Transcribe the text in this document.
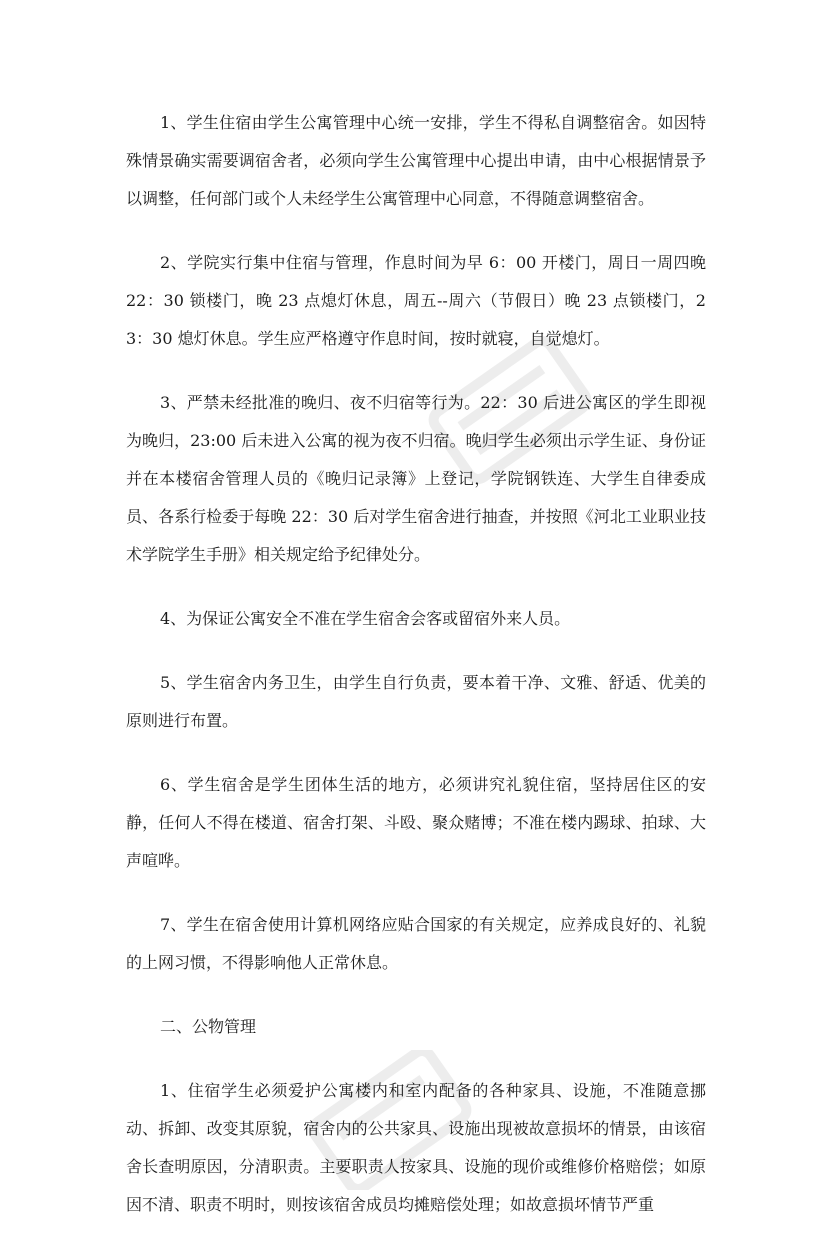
1、学生住宿由学生公寓管理中心统一安排，学生不得私自调整宿舍。如因特殊情景确实需要调宿舍者，必须向学生公寓管理中心提出申请，由中心根据情景予以调整，任何部门或个人未经学生公寓管理中心同意，不得随意调整宿舍。

2、学院实行集中住宿与管理，作息时间为早 6：00 开楼门，周日一周四晚 22：30 锁楼门，晚 23 点熄灯休息，周五--周六（节假日）晚 23 点锁楼门，23：30 熄灯休息。学生应严格遵守作息时间，按时就寝，自觉熄灯。

3、严禁未经批准的晚归、夜不归宿等行为。22：30 后进公寓区的学生即视为晚归，23:00 后未进入公寓的视为夜不归宿。晚归学生必须出示学生证、身份证并在本楼宿舍管理人员的《晚归记录簿》上登记，学院钢铁连、大学生自律委成员、各系行检委于每晚 22：30 后对学生宿舍进行抽查，并按照《河北工业职业技术学院学生手册》相关规定给予纪律处分。

4、为保证公寓安全不准在学生宿舍会客或留宿外来人员。

5、学生宿舍内务卫生，由学生自行负责，要本着干净、文雅、舒适、优美的原则进行布置。

6、学生宿舍是学生团体生活的地方，必须讲究礼貌住宿，坚持居住区的安静，任何人不得在楼道、宿舍打架、斗殴、聚众赌博；不准在楼内踢球、拍球、大声喧哗。

7、学生在宿舍使用计算机网络应贴合国家的有关规定，应养成良好的、礼貌的上网习惯，不得影响他人正常休息。

二、公物管理

1、住宿学生必须爱护公寓楼内和室内配备的各种家具、设施，不准随意挪动、拆卸、改变其原貌，宿舍内的公共家具、设施出现被故意损坏的情景，由该宿舍长查明原因，分清职责。主要职责人按家具、设施的现价或维修价格赔偿；如原因不清、职责不明时，则按该宿舍成员均摊赔偿处理；如故意损坏情节严重
